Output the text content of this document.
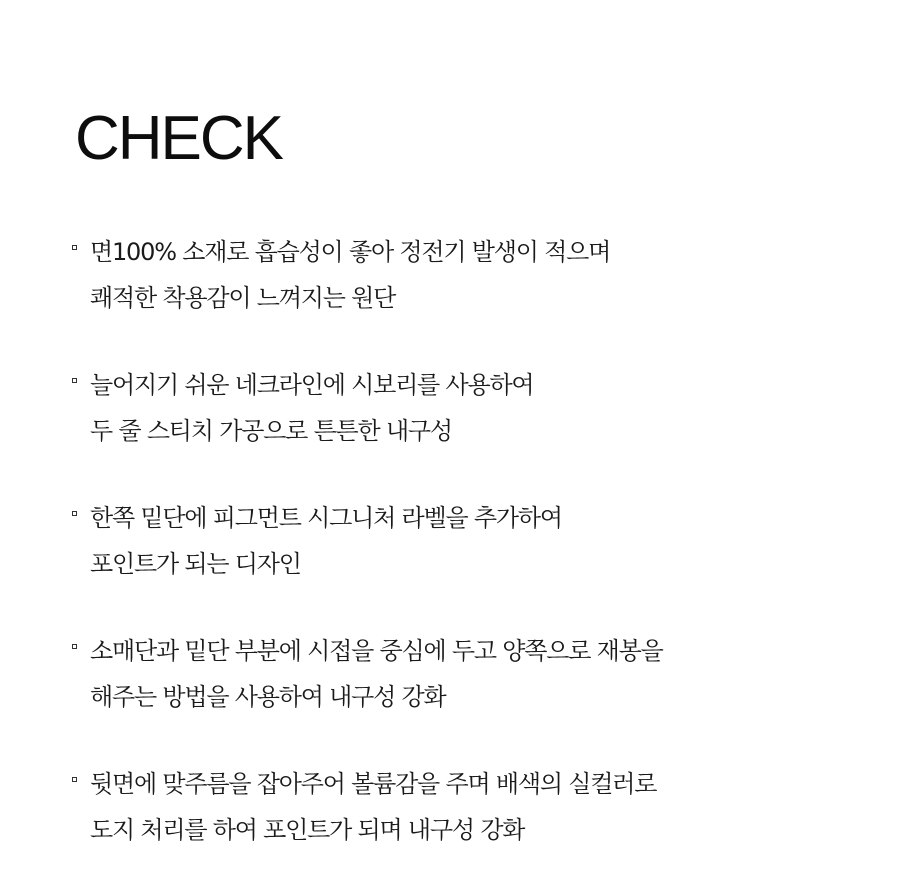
CHECK
면100% 소재로 흡습성이 좋아 정전기 발생이 적으며
쾌적한 착용감이 느껴지는 원단
늘어지기 쉬운 네크라인에 시보리를 사용하여
두 줄 스티치 가공으로 튼튼한 내구성
한쪽 밑단에 피그먼트 시그니처 라벨을 추가하여
포인트가 되는 디자인
소매단과 밑단 부분에 시접을 중심에 두고 양쪽으로 재봉을
해주는 방법을 사용하여 내구성 강화
뒷면에 맞주름을 잡아주어 볼륨감을 주며 배색의 실컬러로
도지 처리를 하여 포인트가 되며 내구성 강화
